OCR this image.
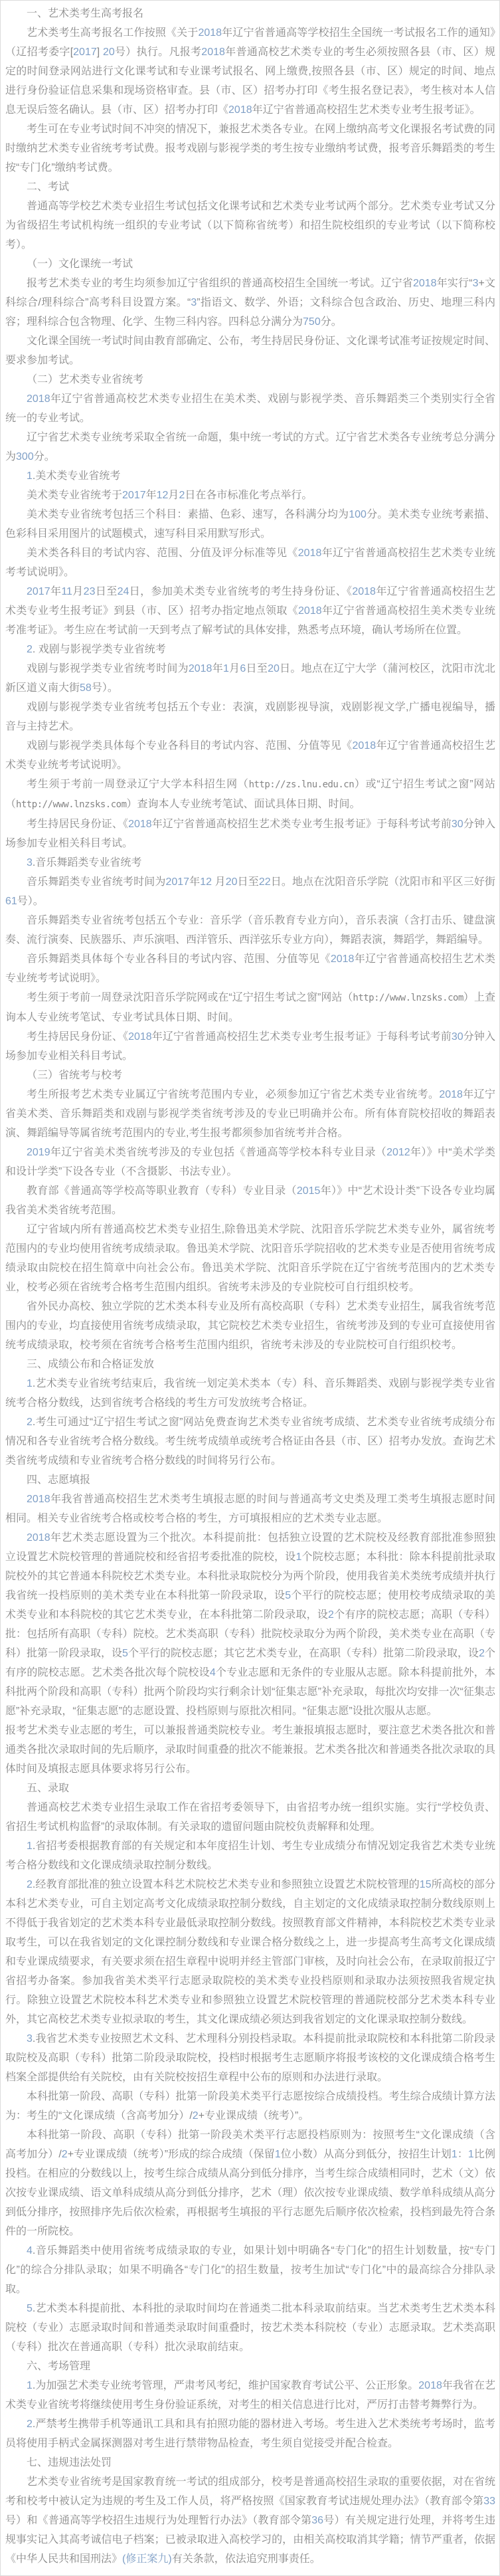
一、艺术类考生高考报名

艺术类考生高考报名工作按照《关于2018年辽宁省普通高等学校招生全国统一考试报名工作的通知》（辽招考委字[2017] 20号）执行。凡报考2018年普通高校艺术类专业的考生必须按照各县（市、区）规定的时间登录网站进行文化课考试和专业课考试报名、网上缴费,按照各县（市、区）规定的时间、地点进行身份验证信息采集和现场资格审查。县（市、区）招考办打印《考生报名登记表》，考生核对本人信息无误后签名确认。县（市、区）招考办打印《2018年辽宁省普通高校招生艺术类专业考生报考证》。

考生可在专业考试时间不冲突的情况下，兼报艺术类各专业。在网上缴纳高考文化课报名考试费的同时缴纳艺术类专业省统考考试费。报考戏剧与影视学类的考生按专业缴纳考试费，报考音乐舞蹈类的考生按“专门化”缴纳考试费。

二、考试

普通高等学校艺术类专业招生考试包括文化课考试和艺术类专业考试两个部分。艺术类专业考试又分为省级招生考试机构统一组织的专业考试（以下简称省统考）和招生院校组织的专业考试（以下简称校考）。

（一）文化课统一考试

报考艺术类专业的考生均须参加辽宁省组织的普通高校招生全国统一考试。辽宁省2018年实行“3+文科综合/理科综合”高考科目设置方案。“3”指语文、数学、外语；文科综合包含政治、历史、地理三科内容；理科综合包含物理、化学、生物三科内容。四科总分满分为750分。

文化课全国统一考试时间由教育部确定、公布，考生持居民身份证、文化课考试准考证按规定时间、要求参加考试。

（二）艺术类专业省统考

2018年辽宁省普通高校艺术类专业招生在美术类、戏剧与影视学类、音乐舞蹈类三个类别实行全省统一的专业考试。

辽宁省艺术类专业统考采取全省统一命题，集中统一考试的方式。辽宁省艺术类各专业统考总分满分为300分。

1.美术类专业省统考

美术类专业省统考于2017年12月2日在各市标准化考点举行。

美术类专业省统考包括三个科目：素描、色彩、速写，各科满分均为100分。美术类专业统考素描、色彩科目采用图片的试题模式，速写科目采用默写形式。

美术类各科目的考试内容、范围、分值及评分标准等见《2018年辽宁省普通高校招生艺术类专业统考考试说明》。

2017年11月23日至24日，参加美术类专业省统考的考生持身份证、《2018年辽宁省普通高校招生艺术类专业考生报考证》到县（市、区）招考办指定地点领取《2018年辽宁省普通高校招生美术类专业统考准考证》。考生应在考试前一天到考点了解考试的具体安排，熟悉考点环境，确认考场所在位置。

2. 戏剧与影视学类专业省统考

戏剧与影视学类专业省统考时间为2018年1月6日至20日。地点在辽宁大学（蒲河校区，沈阳市沈北新区道义南大街58号）。

戏剧与影视学类专业省统考包括五个专业：表演，戏剧影视导演，戏剧影视文学,广播电视编导，播音与主持艺术。

戏剧与影视学类具体每个专业各科目的考试内容、范围、分值等见《2018年辽宁省普通高校招生艺术类专业统考考试说明》。

考生须于考前一周登录辽宁大学本科招生网（http://zs.lnu.edu.cn）或“辽宁招生考试之窗”网站（http://www.lnzsks.com）查询本人专业统考笔试、面试具体日期、时间。

考生持居民身份证、《2018年辽宁省普通高校招生艺术类专业考生报考证》于每科考试考前30分钟入场参加专业相关科目考试。

3.音乐舞蹈类专业省统考

音乐舞蹈类专业省统考时间为2017年12 月20日至22日。地点在沈阳音乐学院（沈阳市和平区三好街61号）。

音乐舞蹈类专业省统考包括五个专业：音乐学（音乐教育专业方向），音乐表演（含打击乐、键盘演奏、流行演奏、民族器乐、声乐演唱、西洋管乐、西洋弦乐专业方向），舞蹈表演，舞蹈学，舞蹈编导。

音乐舞蹈类具体每个专业各科目的考试内容、范围、分值等见《2018年辽宁省普通高校招生艺术类专业统考考试说明》。

考生须于考前一周登录沈阳音乐学院网或在“辽宁招生考试之窗”网站（http://www.lnzsks.com）上查询本人专业统考笔试、专业考试具体日期、时间。

考生持居民身份证、《2018年辽宁省普通高校招生艺术类专业考生报考证》于每科考试考前30分钟入场参加专业相关科目考试。

（三）省统考与校考

考生所报考艺术类专业属辽宁省统考范围内专业，必须参加辽宁省艺术类专业省统考。2018年辽宁省美术类、音乐舞蹈类和戏剧与影视学类省统考涉及的专业已明确并公布。所有体育院校招收的舞蹈表演、舞蹈编导等属省统考范围内的专业,考生报考都须参加省统考并合格。

2019年辽宁省美术类省统考涉及的专业包括《普通高等学校本科专业目录（2012年）》中“美术学类和设计学类”下设各专业（不含摄影、书法专业）。

教育部《普通高等学校高等职业教育（专科）专业目录（2015年）》中“艺术设计类”下设各专业均属我省美术类省统考范围。

辽宁省域内所有普通高校艺术类专业招生,除鲁迅美术学院、沈阳音乐学院艺术类专业外，属省统考范围内的专业均使用省统考成绩录取。鲁迅美术学院、沈阳音乐学院招收的艺术类专业是否使用省统考成绩录取由院校在招生简章中向社会公布。鲁迅美术学院、沈阳音乐学院在辽宁省统考范围内的艺术类专业，校考必须在省统考合格考生范围内组织。省统考未涉及的专业院校可自行组织校考。

省外民办高校、独立学院的艺术类本科专业及所有高校高职（专科）艺术类专业招生，属我省统考范围内的专业，均直接使用省统考成绩录取，其它院校艺术类专业招生，省统考涉及到的专业可直接使用省统考成绩录取，校考须在省统考合格考生范围内组织，省统考未涉及的专业院校可自行组织校考。

三、成绩公布和合格证发放

1.艺术类专业省统考结束后，我省统一划定美术类本（专）科、音乐舞蹈类、戏剧与影视学类专业省统考合格分数线，达到省统考合格线的考生方可发放统考合格证。

2.考生可通过“辽宁招生考试之窗”网站免费查询艺术类专业省统考成绩、艺术类专业省统考成绩分布情况和各专业省统考合格分数线。考生统考成绩单或统考合格证由各县（市、区）招考办发放。查询艺术类省统考成绩和专业省统考合格分数线的时间将另行公布。

四、志愿填报

2018年我省普通高校招生艺术类考生填报志愿的时间与普通高考文史类及理工类考生填报志愿时间相同。相关专业省统考合格或校考合格的考生，方可填报相应的艺术类专业志愿。

2018年艺术类志愿设置为三个批次。本科提前批：包括独立设置的艺术院校及经教育部批准参照独立设置艺术院校管理的普通院校和经省招考委批准的院校，设1个院校志愿；本科批：除本科提前批录取院校外的其它普通本科院校艺术类专业。本科批录取院校分为两个阶段，使用我省美术类统考成绩并执行我省统一投档原则的美术类专业在本科批第一阶段录取，设5个平行的院校志愿；使用校考成绩录取的美术类专业和本科院校的其它艺术类专业，在本科批第二阶段录取，设2个有序的院校志愿；高职（专科）批：包括所有高职（专科）院校。艺术类高职（专科）批院校录取分为两个阶段，美术类专业在高职（专科）批第一阶段录取，设5个平行的院校志愿；其它艺术类专业，在高职（专科）批第二阶段录取，设2个有序的院校志愿。艺术类各批次每个院校设4个专业志愿和无条件的专业服从志愿。除本科提前批外，本科批两个阶段和高职（专科）批两个阶段均实行剩余计划“征集志愿”补充录取，每批次均安排一次“征集志愿”补充录取，“征集志愿”的志愿设置、投档原则与原批次相同。“征集志愿”设批次服从志愿。

报考艺术类专业志愿的考生，可以兼报普通类院校专业。考生兼报填报志愿时，要注意艺术类各批次和普通类各批次录取时间的先后顺序，录取时间重叠的批次不能兼报。艺术类各批次和普通类各批次录取的具体时间及填报志愿具体要求将另行公布。

五、录取

普通高校艺术类专业招生录取工作在省招考委领导下，由省招考办统一组织实施。实行“学校负责、省招生考试机构监督”的录取体制。有关录取的遗留问题由院校负责解释和处理。

1.省招考委根据教育部的有关规定和本年度招生计划、考生专业成绩分布情况划定我省艺术类专业统考合格分数线和文化课成绩录取控制分数线。

2.经教育部批准的独立设置本科艺术院校艺术类专业和参照独立设置艺术院校管理的15所高校的部分本科艺术类专业，可自主划定高考文化成绩录取控制分数线，自主划定的文化成绩录取控制分数线原则上不得低于我省划定的艺术类本科专业最低录取控制分数线。按照教育部文件精神，本科院校艺术类专业录取考生，可以在我省划定的文化课控制分数线和专业课合格分数线之上，进一步提高考生高考文化课成绩和专业课成绩要求，有关要求须在招生章程中说明并经主管部门审核，及时向社会公布，在录取前报辽宁省招考办备案。参加我省美术类平行志愿录取院校的美术类专业投档原则和录取办法须按照我省规定执行。除独立设置艺术院校本科艺术类专业和参照独立设置艺术院校管理的普通院校部分艺术类本科专业外，其它高校艺术类专业拟录取的考生，其文化课成绩必须达到我省划定的文化课录取控制分数线。

3.我省艺术类专业按照艺术文科、艺术理科分别投档录取。本科提前批录取院校和本科批第二阶段录取院校及高职（专科）批第二阶段录取院校，投档时根据考生志愿顺序将报考该校的文化课成绩合格考生档案全部提供给有关院校，由有关院校按招生章程中公布的原则和办法进行录取。

本科批第一阶段、高职（专科）批第一阶段美术类平行志愿按综合成绩投档。考生综合成绩计算方法为：考生的“文化课成绩（含高考加分）/2+专业课成绩（统考）”。

本科批第一阶段、高职（专科）批第一阶段美术类平行志愿投档原则为：按照考生“文化课成绩（含高考加分）/2+专业课成绩（统考）”形成的综合成绩（保留1位小数）从高分到低分，按招生计划1：1比例投档。在相应的分数线以上，按考生综合成绩从高分到低分排序，当考生综合成绩相同时，艺术（文）依次按专业课成绩、语文单科成绩从高分到低分排序，艺术（理）依次按专业课成绩、数学单科成绩从高分到低分排序，按照排序先后依次检索，再根据考生填报的平行志愿先后顺序依次检索，投档到最先符合条件的一所院校。

4.音乐舞蹈类中使用省统考成绩录取的专业，如果计划中明确各“专门化”的招生计划数量，按“专门化”的综合分排队录取；如果不明确各“专门化”的招生数量，按考生加试“专门化”中的最高综合分排队录取。

5.艺术类本科提前批、本科批的录取时间均在普通类二批本科录取前结束。当艺术类考生艺术类本科院校（专业）志愿录取时间和普通类录取时间重叠时，按艺术类本科院校（专业）志愿录取。艺术类高职（专科）批次在普通高职（专科）批次录取前结束。

六、考场管理

1.为加强艺术类专业统考管理，严肃考风考纪，维护国家教育考试公平、公正形象。2018年我省在艺术类专业省统考将继续使用考生身份验证系统，对考生的相关信息进行比对，严厉打击替考舞弊行为。

2.严禁考生携带手机等通讯工具和具有拍照功能的器材进入考场。考生进入艺术类统考考场时，监考员将使用手柄式金属探测器对考生进行禁带物品检查，考生须自觉接受并配合检查。

七、违规违法处罚

艺术类专业省统考是国家教育统一考试的组成部分，校考是普通高校招生录取的重要依据，对在省统考和校考中被认定为违规的考生及工作人员，将严格按照《国家教育考试违规处理办法》（教育部令第33号）和《普通高等学校招生违规行为处理暂行办法》（教育部令第36号）有关规定进行处理，并将考生违规事实记入其高考诚信电子档案；已被录取进入高校学习的，由相关高校取消其学籍；情节严重者，依据《中华人民共和国刑法》(修正案九)有关条款，依法追究刑事责任。
